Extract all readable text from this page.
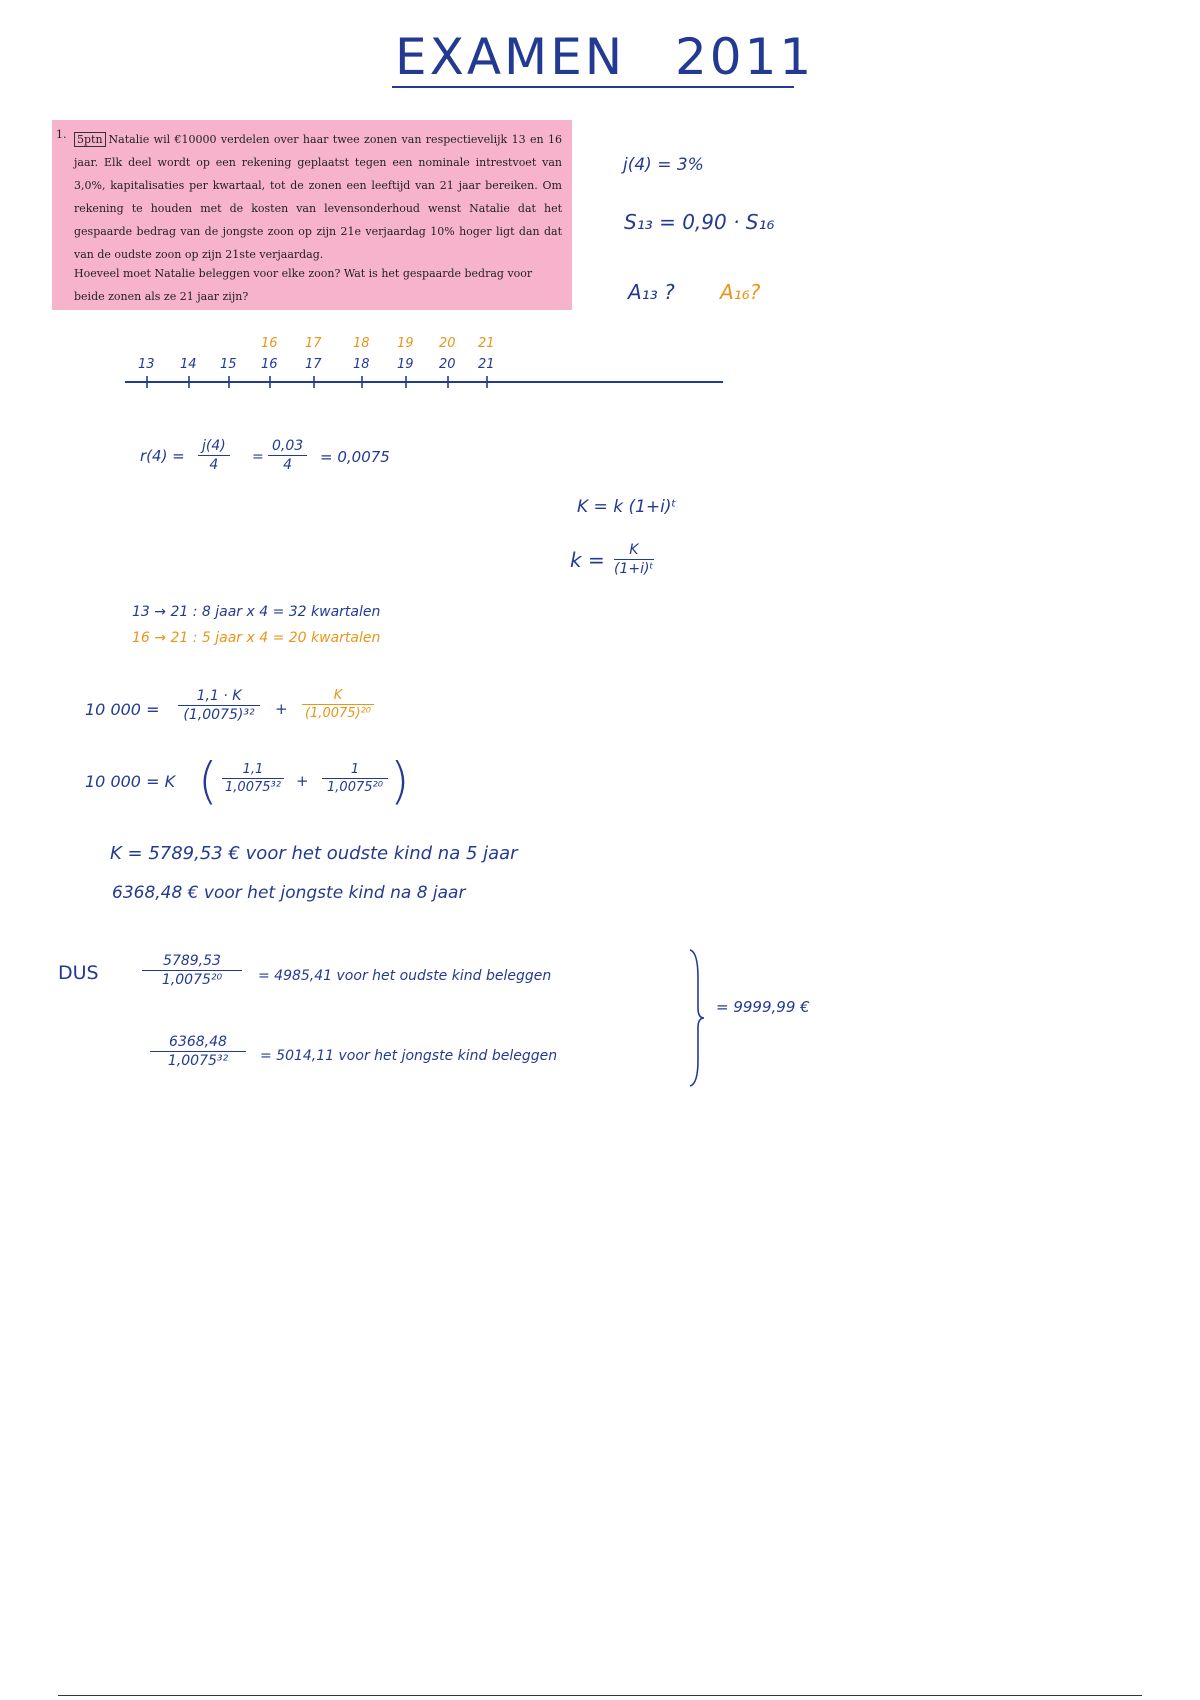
EXAMEN 2011
1. 5ptn Natalie wil €10000 verdelen over haar twee zonen van respectievelijk 13 en 16 jaar. Elk deel wordt op een rekening geplaatst tegen een nominale intrestvoet van 3,0%, kapitalisaties per kwartaal, tot de zonen een leeftijd van 21 jaar bereiken. Om rekening te houden met de kosten van levensonderhoud wenst Natalie dat het gespaarde bedrag van de jongste zoon op zijn 21e verjaardag 10% hoger ligt dan dat van de oudste zoon op zijn 21ste verjaardag.
Hoeveel moet Natalie beleggen voor elke zoon? Wat is het gespaarde bedrag voor beide zonen als ze 21 jaar zijn?
j(4) = 3%
S₁₃ = 0,90 · S₁₆
A₁₃ ? A₁₆?
13 14 15 16 17 18 19 20 21
16 17 18 19 20 21
$r(4) = \frac{j(4)}{4} = \frac{0,03}{4} = 0,0075$
K = k (1+i)ᵗ
$k = \frac{K}{\text{(1+i)ᵗ}}$
13 → 21 : 8 jaar x 4 = 32 kwartalen
16 → 21 : 5 jaar x 4 = 20 kwartalen
10 $000 = \frac{1,1 \cdot K}{\text{(1,0075)³²}} + \frac{K}{\text{(1,0075)²⁰}}$
10 000 = K ( $\frac{1,1}{\text{1,0075³²}} + \frac{1}{\text{1,0075²⁰}}$ )
K = 5789,53 € voor het oudste kind na 5 jaar
6368,48 € voor het jongste kind na 8 jaar
DUS	$\frac{5789,53}{\text{1,0075²⁰}} = 4985,41$ voor het oudste kind beleggen
$\frac{6368,48}{\text{1,0075³²}} = 5014,11$ voor het jongste kind beleggen
= 9999,99 €
